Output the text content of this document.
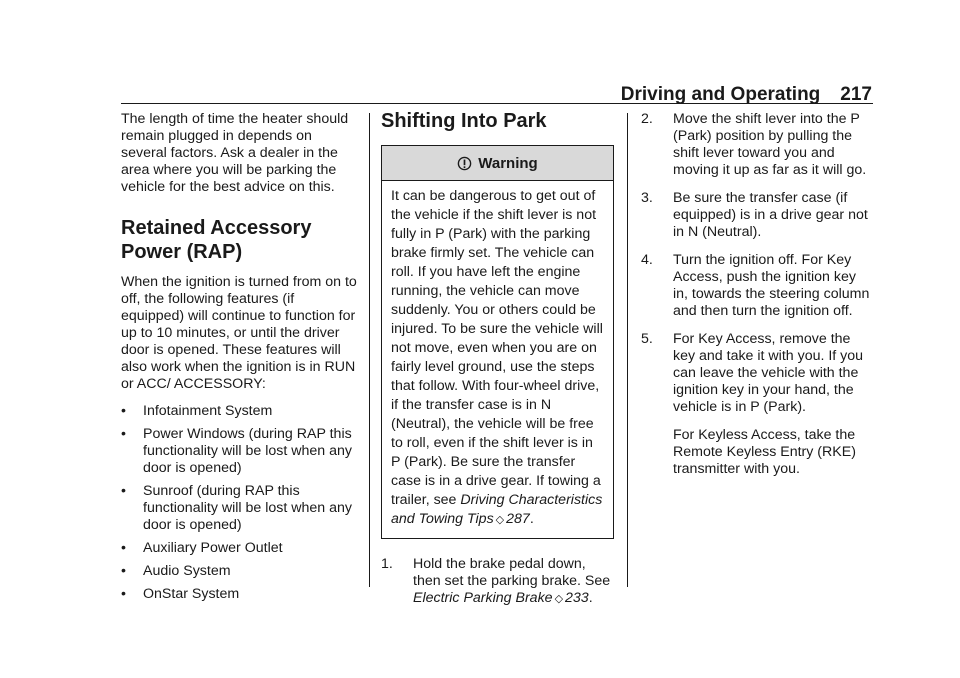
Driving and Operating 217

The length of time the heater should remain plugged in depends on several factors. Ask a dealer in the area where you will be parking the vehicle for the best advice on this.

Retained Accessory
Power (RAP)

When the ignition is turned from on to off, the following features (if equipped) will continue to function for up to 10 minutes, or until the driver door is opened. These features will also work when the ignition is in RUN or ACC/ ACCESSORY:

• Infotainment System
• Power Windows (during RAP this functionality will be lost when any door is opened)
• Sunroof (during RAP this functionality will be lost when any door is opened)
• Auxiliary Power Outlet
• Audio System
• OnStar System
Shifting Into Park
Warning
It can be dangerous to get out of the vehicle if the shift lever is not fully in P (Park) with the parking brake firmly set. The vehicle can roll. If you have left the engine running, the vehicle can move suddenly. You or others could be injured. To be sure the vehicle will not move, even when you are on fairly level ground, use the steps that follow. With four-wheel drive, if the transfer case is in N (Neutral), the vehicle will be free to roll, even if the shift lever is in P (Park). Be sure the transfer case is in a drive gear. If towing a trailer, see Driving Characteristics and Towing Tips ◇ 287.
1. Hold the brake pedal down, then set the parking brake. See Electric Parking Brake ◇ 233.
2. Move the shift lever into the P (Park) position by pulling the shift lever toward you and moving it up as far as it will go.
3. Be sure the transfer case (if equipped) is in a drive gear not in N (Neutral).
4. Turn the ignition off. For Key Access, push the ignition key in, towards the steering column and then turn the ignition off.
5. For Key Access, remove the key and take it with you. If you can leave the vehicle with the ignition key in your hand, the vehicle is in P (Park).
For Keyless Access, take the Remote Keyless Entry (RKE) transmitter with you.
